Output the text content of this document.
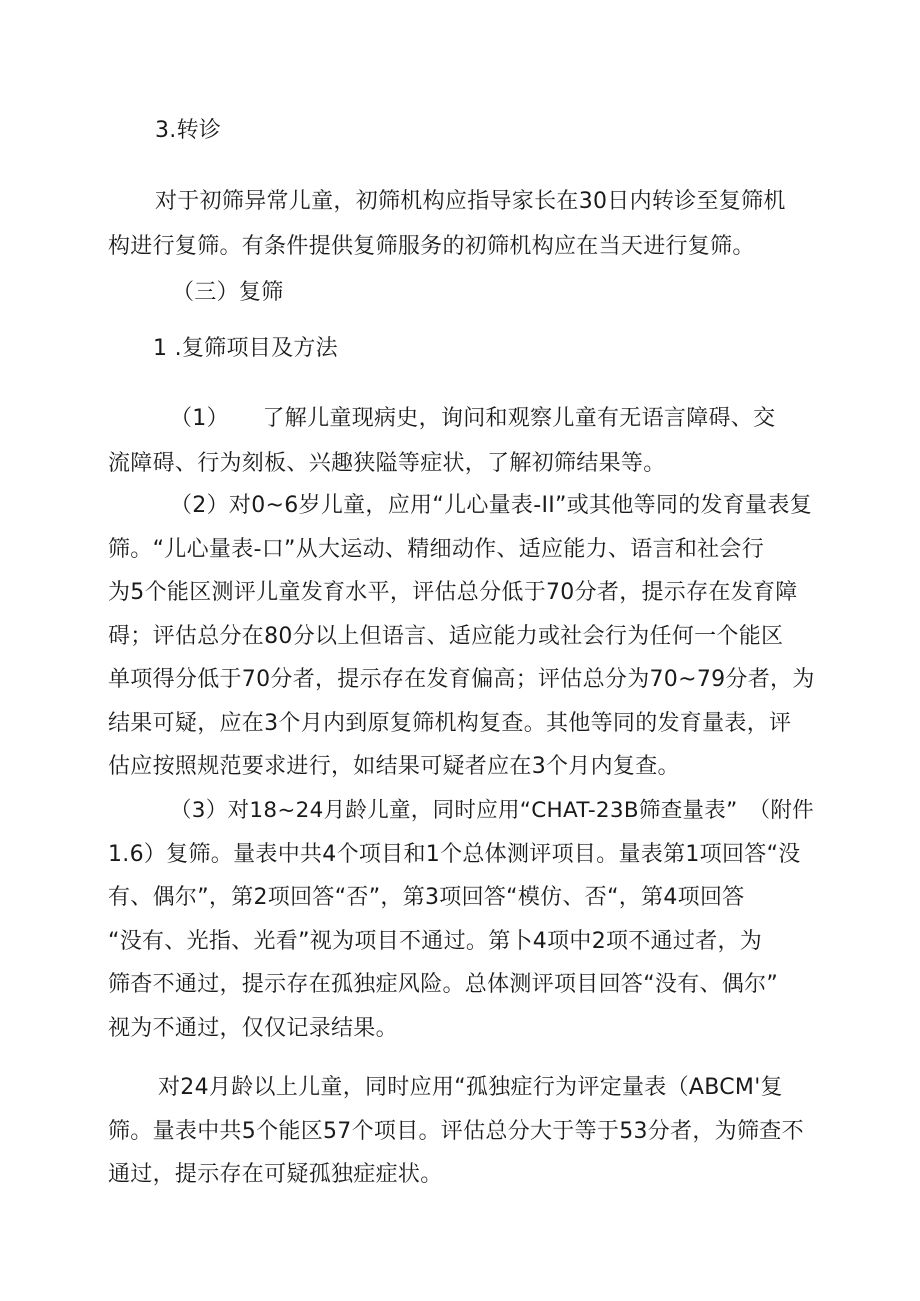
3.转诊
对于初筛异常儿童，初筛机构应指导家长在30日内转诊至复筛机
构进行复筛。有条件提供复筛服务的初筛机构应在当天进行复筛。
（三）复筛
1 .复筛项目及方法
（1）　　了解儿童现病史，询问和观察儿童有无语言障碍、交
流障碍、行为刻板、兴趣狭隘等症状，了解初筛结果等。
（2）对0~6岁儿童，应用“儿心量表-II”或其他等同的发育量表复
筛。“儿心量表-口”从大运动、精细动作、适应能力、语言和社会行
为5个能区测评儿童发育水平，评估总分低于70分者，提示存在发育障
碍；评估总分在80分以上但语言、适应能力或社会行为任何一个能区
单项得分低于70分者，提示存在发育偏高；评估总分为70~79分者，为
结果可疑，应在3个月内到原复筛机构复查。其他等同的发育量表，评
估应按照规范要求进行，如结果可疑者应在3个月内复查。
（3）对18~24月龄儿童，同时应用“CHAT-23B筛查量表”　（附件
1.6）复筛。量表中共4个项目和1个总体测评项目。量表第1项回答“没
有、偶尔”，第2项回答“否”，第3项回答“模仿、否“，第4项回答
“没有、光指、光看”视为项目不通过。第卜4项中2项不通过者，为
筛杳不通过，提示存在孤独症风险。总体测评项目回答“没有、偶尔”
视为不通过，仅仅记录结果。
对24月龄以上儿童，同时应用“孤独症行为评定量表（ABCM'复
筛。量表中共5个能区57个项目。评估总分大于等于53分者，为筛查不
通过，提示存在可疑孤独症症状。
